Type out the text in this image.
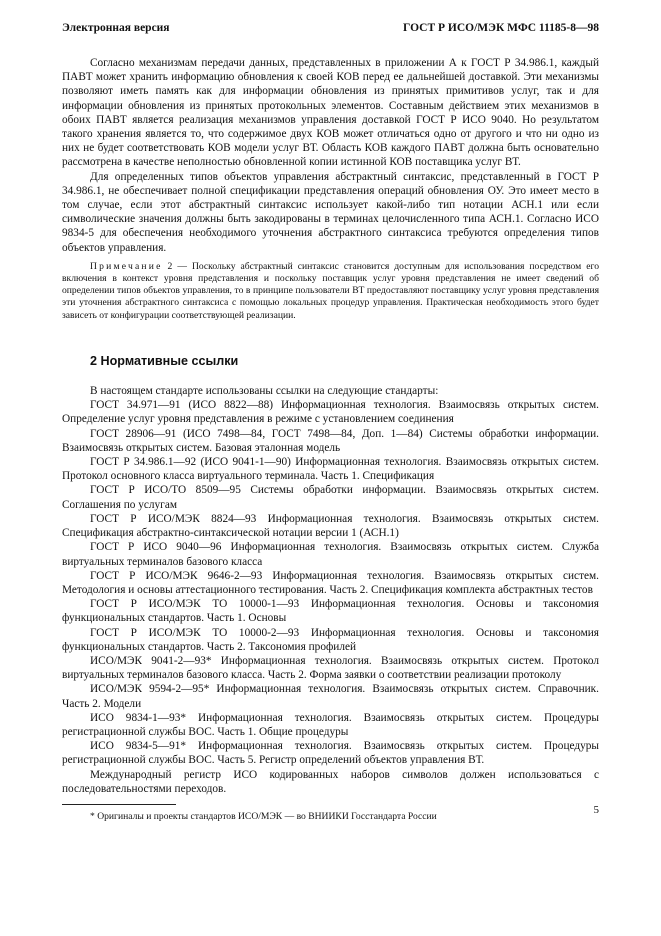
Электронная версия	ГОСТ Р ИСО/МЭК МФС 11185-8—98

Согласно механизмам передачи данных, представленных в приложении А к ГОСТ Р 34.986.1, каждый ПАВТ может хранить информацию обновления к своей КОВ перед ее дальнейшей доставкой. Эти механизмы позволяют иметь память как для информации обновления из принятых примитивов услуг, так и для информации обновления из принятых протокольных элементов. Составным действием этих механизмов в обоих ПАВТ является реализация механизмов управления доставкой ГОСТ Р ИСО 9040. Но результатом такого хранения является то, что содержимое двух КОВ может отличаться одно от другого и что ни одно из них не будет соответствовать КОВ модели услуг ВТ. Область КОВ каждого ПАВТ должна быть основательно рассмотрена в качестве неполностью обновленной копии истинной КОВ поставщика услуг ВТ.

Для определенных типов объектов управления абстрактный синтаксис, представленный в ГОСТ Р 34.986.1, не обеспечивает полной спецификации представления операций обновления ОУ. Это имеет место в том случае, если этот абстрактный синтаксис использует какой-либо тип нотации АСН.1 или если символические значения должны быть закодированы в терминах целочисленного типа АСН.1. Согласно ИСО 9834-5 для обеспечения необходимого уточнения абстрактного синтаксиса требуются определения типов объектов управления.

Примечание 2 — Поскольку абстрактный синтаксис становится доступным для использования посредством его включения в контекст уровня представления и поскольку поставщик услуг уровня представления не имеет сведений об определении типов объектов управления, то в принципе пользователи ВТ предоставляют поставщику услуг уровня представления эти уточнения абстрактного синтаксиса с помощью локальных процедур управления. Практическая необходимость этого будет зависеть от конфигурации соответствующей реализации.

2 Нормативные ссылки

В настоящем стандарте использованы ссылки на следующие стандарты:

ГОСТ 34.971—91 (ИСО 8822—88) Информационная технология. Взаимосвязь открытых систем. Определение услуг уровня представления в режиме с установлением соединения

ГОСТ 28906—91 (ИСО 7498—84, ГОСТ 7498—84, Доп. 1—84) Системы обработки информации. Взаимосвязь открытых систем. Базовая эталонная модель

ГОСТ Р 34.986.1—92 (ИСО 9041-1—90) Информационная технология. Взаимосвязь открытых систем. Протокол основного класса виртуального терминала. Часть 1. Спецификация

ГОСТ Р ИСО/ТО 8509—95 Системы обработки информации. Взаимосвязь открытых систем. Соглашения по услугам

ГОСТ Р ИСО/МЭК 8824—93 Информационная технология. Взаимосвязь открытых систем. Спецификация абстрактно-синтаксической нотации версии 1 (АСН.1)

ГОСТ Р ИСО 9040—96 Информационная технология. Взаимосвязь открытых систем. Служба виртуальных терминалов базового класса

ГОСТ Р ИСО/МЭК 9646-2—93 Информационная технология. Взаимосвязь открытых систем. Методология и основы аттестационного тестирования. Часть 2. Спецификация комплекта абстрактных тестов

ГОСТ Р ИСО/МЭК ТО 10000-1—93 Информационная технология. Основы и таксономия функциональных стандартов. Часть 1. Основы

ГОСТ Р ИСО/МЭК ТО 10000-2—93 Информационная технология. Основы и таксономия функциональных стандартов. Часть 2. Таксономия профилей

ИСО/МЭК 9041-2—93* Информационная технология. Взаимосвязь открытых систем. Протокол виртуальных терминалов базового класса. Часть 2. Форма заявки о соответствии реализации протоколу

ИСО/МЭК 9594-2—95* Информационная технология. Взаимосвязь открытых систем. Справочник. Часть 2. Модели

ИСО 9834-1—93* Информационная технология. Взаимосвязь открытых систем. Процедуры регистрационной службы ВОС. Часть 1. Общие процедуры

ИСО 9834-5—91* Информационная технология. Взаимосвязь открытых систем. Процедуры регистрационной службы ВОС. Часть 5. Регистр определений объектов управления ВТ.

Международный регистр ИСО кодированных наборов символов должен использоваться с последовательностями переходов.

* Оригиналы и проекты стандартов ИСО/МЭК — во ВНИИКИ Госстандарта России

5
